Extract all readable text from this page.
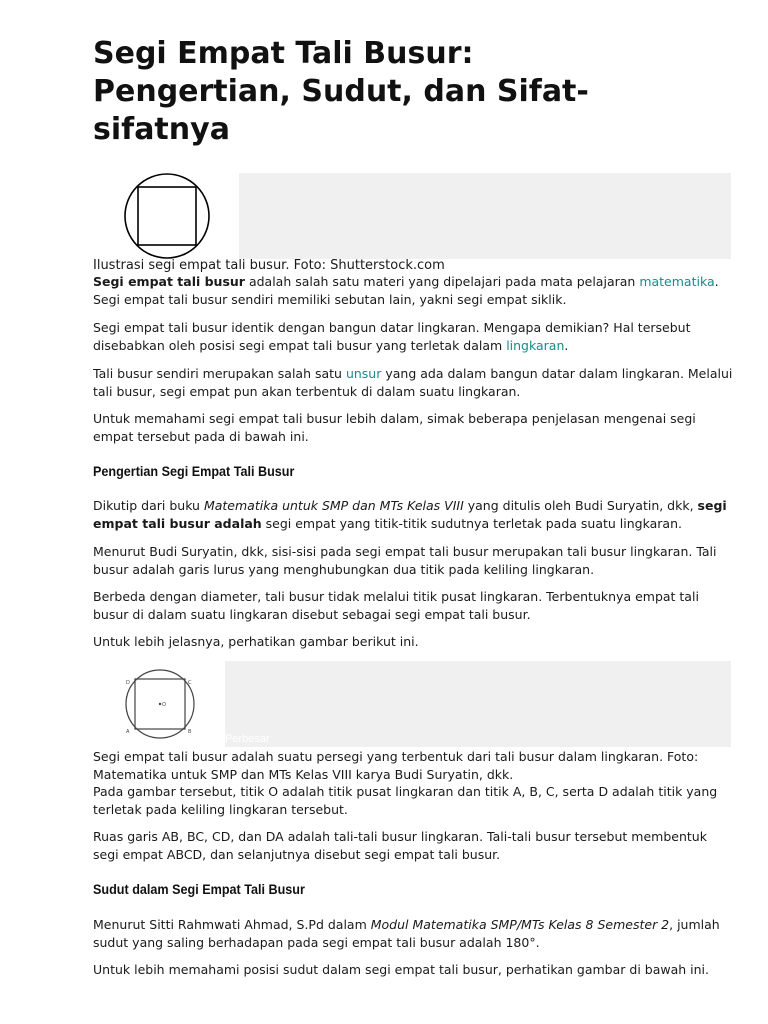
Segi Empat Tali Busur: Pengertian, Sudut, dan Sifat-sifatnya
Ilustrasi segi empat tali busur. Foto: Shutterstock.com

Segi empat tali busur adalah salah satu materi yang dipelajari pada mata pelajaran matematika. Segi empat tali busur sendiri memiliki sebutan lain, yakni segi empat siklik.

Segi empat tali busur identik dengan bangun datar lingkaran. Mengapa demikian? Hal tersebut disebabkan oleh posisi segi empat tali busur yang terletak dalam lingkaran.

Tali busur sendiri merupakan salah satu unsur yang ada dalam bangun datar dalam lingkaran. Melalui tali busur, segi empat pun akan terbentuk di dalam suatu lingkaran.

Untuk memahami segi empat tali busur lebih dalam, simak beberapa penjelasan mengenai segi empat tersebut pada di bawah ini.

Pengertian Segi Empat Tali Busur

Dikutip dari buku Matematika untuk SMP dan MTs Kelas VIII yang ditulis oleh Budi Suryatin, dkk, segi empat tali busur adalah segi empat yang titik-titik sudutnya terletak pada suatu lingkaran.

Menurut Budi Suryatin, dkk, sisi-sisi pada segi empat tali busur merupakan tali busur lingkaran. Tali busur adalah garis lurus yang menghubungkan dua titik pada keliling lingkaran.

Berbeda dengan diameter, tali busur tidak melalui titik pusat lingkaran. Terbentuknya empat tali busur di dalam suatu lingkaran disebut sebagai segi empat tali busur.

Untuk lebih jelasnya, perhatikan gambar berikut ini.

D	C
A	B
O
Perbesar
Segi empat tali busur adalah suatu persegi yang terbentuk dari tali busur dalam lingkaran. Foto: Matematika untuk SMP dan MTs Kelas VIII karya Budi Suryatin, dkk.

Pada gambar tersebut, titik O adalah titik pusat lingkaran dan titik A, B, C, serta D adalah titik yang terletak pada keliling lingkaran tersebut.

Ruas garis AB, BC, CD, dan DA adalah tali-tali busur lingkaran. Tali-tali busur tersebut membentuk segi empat ABCD, dan selanjutnya disebut segi empat tali busur.

Sudut dalam Segi Empat Tali Busur

Menurut Sitti Rahmwati Ahmad, S.Pd dalam Modul Matematika SMP/MTs Kelas 8 Semester 2, jumlah sudut yang saling berhadapan pada segi empat tali busur adalah 180°.

Untuk lebih memahami posisi sudut dalam segi empat tali busur, perhatikan gambar di bawah ini.
